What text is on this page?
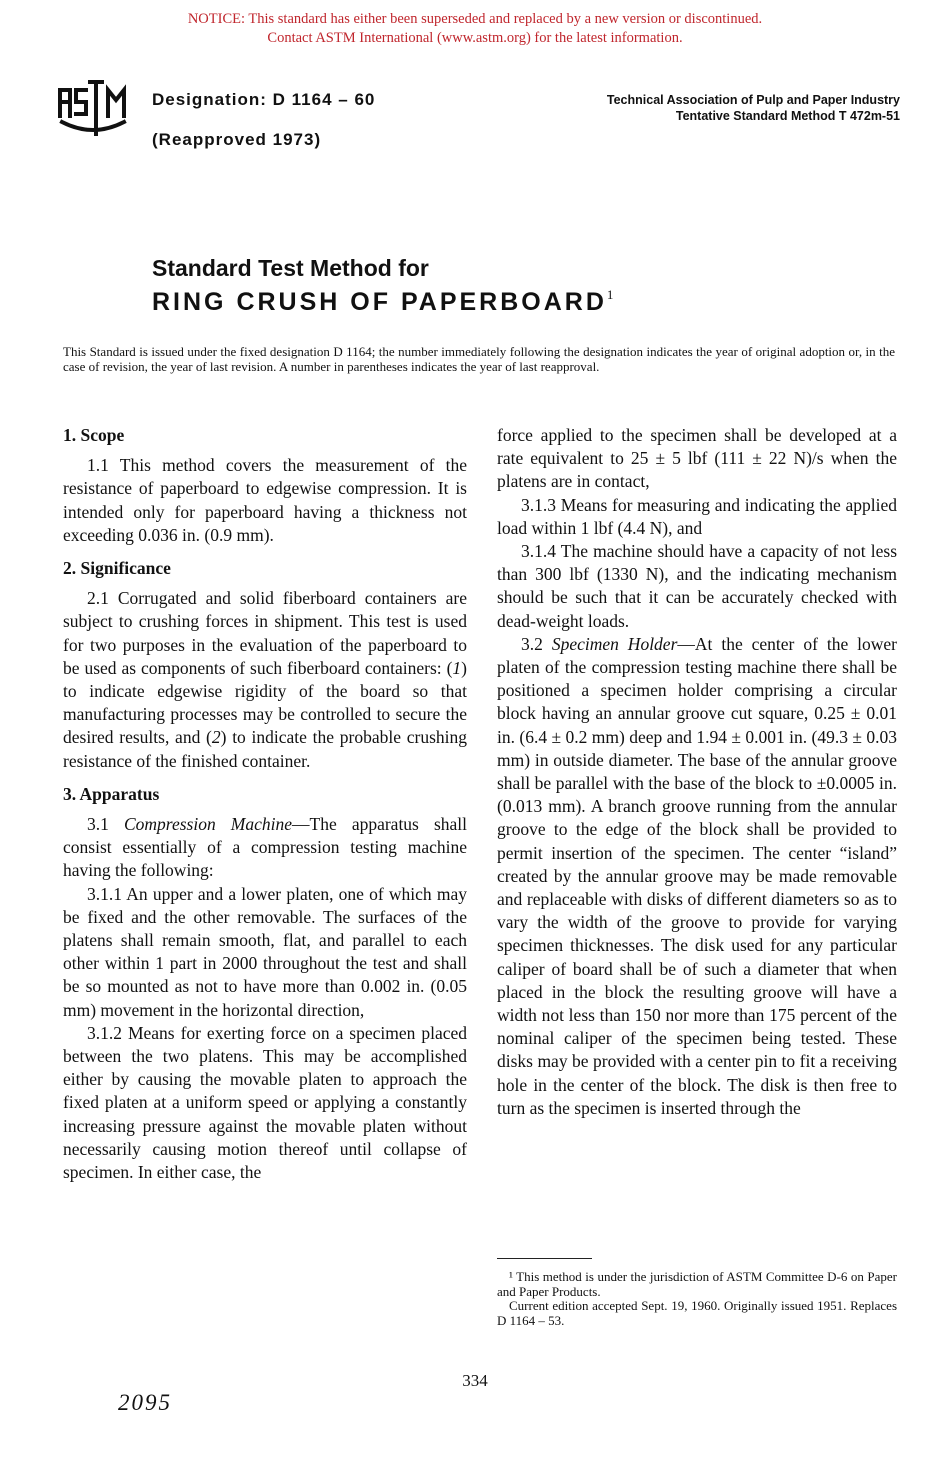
NOTICE: This standard has either been superseded and replaced by a new version or discontinued.
Contact ASTM International (www.astm.org) for the latest information.
Designation: D 1164 – 60
(Reapproved 1973)
Technical Association of Pulp and Paper Industry
Tentative Standard Method T 472m-51
Standard Test Method for
RING CRUSH OF PAPERBOARD$^1$
This Standard is issued under the fixed designation D 1164; the number immediately following the designation indicates the year of original adoption or, in the case of revision, the year of last revision. A number in parentheses indicates the year of last reapproval.
1. Scope

1.1 This method covers the measurement of the resistance of paperboard to edgewise compression. It is intended only for paperboard having a thickness not exceeding 0.036 in. (0.9 mm).

2. Significance

2.1 Corrugated and solid fiberboard containers are subject to crushing forces in shipment. This test is used for two purposes in the evaluation of the paperboard to be used as components of such fiberboard containers: (1) to indicate edgewise rigidity of the board so that manufacturing processes may be controlled to secure the desired results, and (2) to indicate the probable crushing resistance of the finished container.

3. Apparatus

3.1 Compression Machine—The apparatus shall consist essentially of a compression testing machine having the following:

3.1.1 An upper and a lower platen, one of which may be fixed and the other removable. The surfaces of the platens shall remain smooth, flat, and parallel to each other within 1 part in 2000 throughout the test and shall be so mounted as not to have more than 0.002 in. (0.05 mm) movement in the horizontal direction,

3.1.2 Means for exerting force on a specimen placed between the two platens. This may be accomplished either by causing the movable platen to approach the fixed platen at a uniform speed or applying a constantly increasing pressure against the movable platen without necessarily causing motion thereof until collapse of specimen. In either case, the

force applied to the specimen shall be developed at a rate equivalent to 25 ± 5 lbf (111 ± 22 N)/s when the platens are in contact,

3.1.3 Means for measuring and indicating the applied load within 1 lbf (4.4 N), and

3.1.4 The machine should have a capacity of not less than 300 lbf (1330 N), and the indicating mechanism should be such that it can be accurately checked with dead-weight loads.

3.2 Specimen Holder—At the center of the lower platen of the compression testing machine there shall be positioned a specimen holder comprising a circular block having an annular groove cut square, 0.25 ± 0.01 in. (6.4 ± 0.2 mm) deep and 1.94 ± 0.001 in. (49.3 ± 0.03 mm) in outside diameter. The base of the annular groove shall be parallel with the base of the block to ±0.0005 in. (0.013 mm). A branch groove running from the annular groove to the edge of the block shall be provided to permit insertion of the specimen. The center “island” created by the annular groove may be made removable and replaceable with disks of different diameters so as to vary the width of the groove to provide for varying specimen thicknesses. The disk used for any particular caliper of board shall be of such a diameter that when placed in the block the resulting groove will have a width not less than 150 nor more than 175 percent of the nominal caliper of the specimen being tested. These disks may be provided with a center pin to fit a receiving hole in the center of the block. The disk is then free to turn as the specimen is inserted through the

¹ This method is under the jurisdiction of ASTM Committee D-6 on Paper and Paper Products.

Current edition accepted Sept. 19, 1960. Originally issued 1951. Replaces D 1164 – 53.

334
2095
